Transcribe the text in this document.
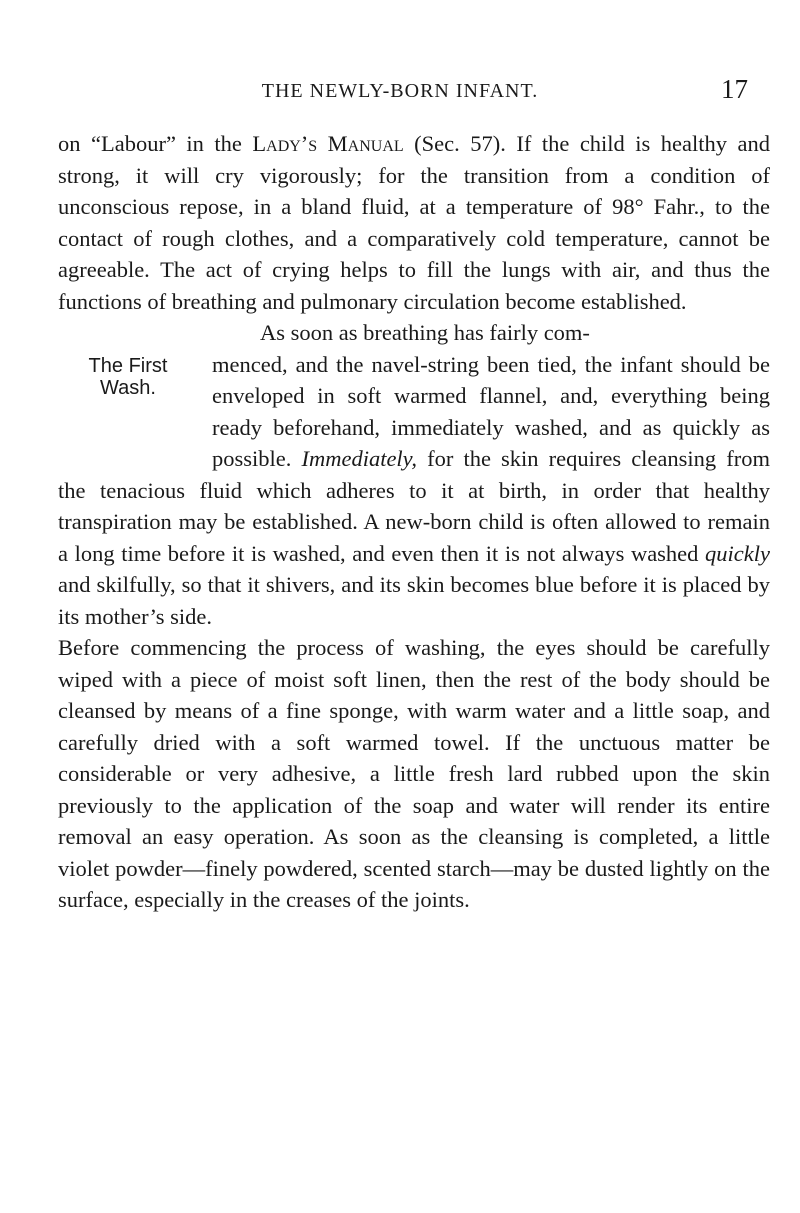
THE NEWLY-BORN INFANT.	17

on “Labour” in the Lady’s Manual (Sec. 57). If the child is healthy and strong, it will cry vigorously; for the transition from a condition of unconscious repose, in a bland fluid, at a temperature of 98° Fahr., to the contact of rough clothes, and a comparatively cold temperature, cannot be agreeable. The act of crying helps to fill the lungs with air, and thus the functions of breathing and pulmonary circulation become established.

As soon as breathing has fairly com-
The First
Wash.
menced, and the navel-string been tied, the infant should be enveloped in soft warmed flannel, and, everything being ready beforehand, immediately washed, and as quickly as possible. Immediately, for the skin requires cleansing from the tenacious fluid which adheres to it at birth, in order that healthy transpiration may be established. A new-born child is often allowed to remain a long time before it is washed, and even then it is not always washed quickly and skilfully, so that it shivers, and its skin becomes blue before it is placed by its mother’s side.

Before commencing the process of washing, the eyes should be carefully wiped with a piece of moist soft linen, then the rest of the body should be cleansed by means of a fine sponge, with warm water and a little soap, and carefully dried with a soft warmed towel. If the unctuous matter be considerable or very adhesive, a little fresh lard rubbed upon the skin previously to the application of the soap and water will render its entire removal an easy operation. As soon as the cleansing is completed, a little violet powder—finely powdered, scented starch—may be dusted lightly on the surface, especially in the creases of the joints.
